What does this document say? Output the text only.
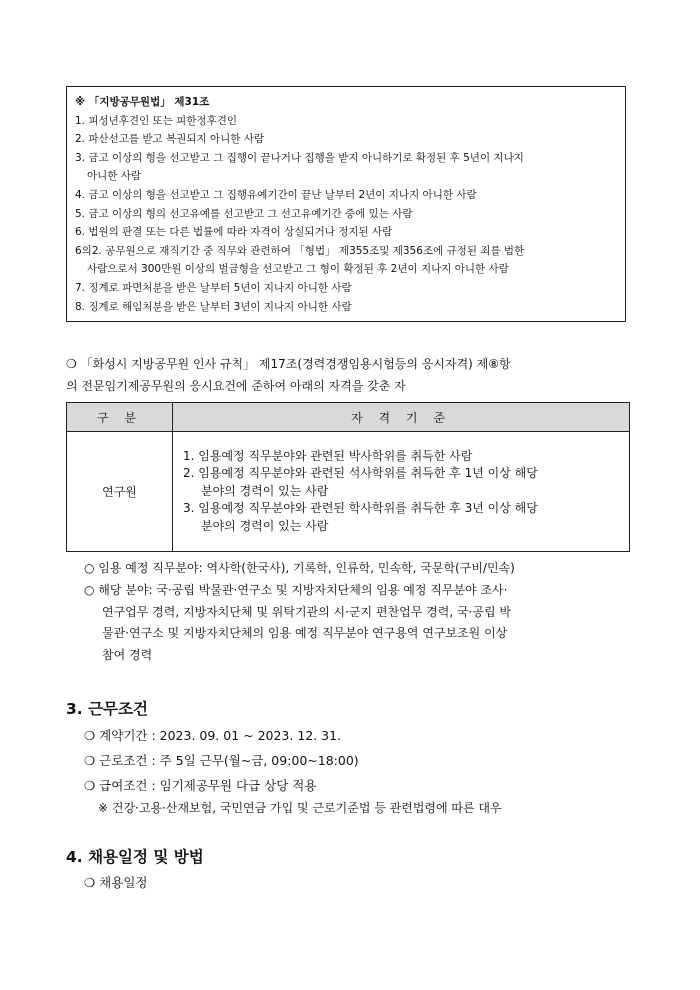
※ 「지방공무원법」 제31조
1. 피성년후견인 또는 피한정후견인
2. 파산선고를 받고 복권되지 아니한 사람
3. 금고 이상의 형을 선고받고 그 집행이 끝나거나 집행을 받지 아니하기로 확정된 후 5년이 지나지
아니한 사람
4. 금고 이상의 형을 선고받고 그 집행유예기간이 끝난 날부터 2년이 지나지 아니한 사람
5. 금고 이상의 형의 선고유예를 선고받고 그 선고유예기간 중에 있는 사람
6. 법원의 판결 또는 다른 법률에 따라 자격이 상실되거나 정지된 사람
6의2. 공무원으로 재직기간 중 직무와 관련하여 「형법」 제355조및 제356조에 규정된 죄를 범한
사람으로서 300만원 이상의 벌금형을 선고받고 그 형이 확정된 후 2년이 지나지 아니한 사람
7. 징계로 파면처분을 받은 날부터 5년이 지나지 아니한 사람
8. 징계로 해임처분을 받은 날부터 3년이 지나지 아니한 사람
❍ 「화성시 지방공무원 인사 규칙」 제17조(경력경쟁임용시험등의 응시자격) 제⑧항
의 전문임기제공무원의 응시요건에 준하여 아래의 자격을 갖춘 자
구 분	자 격 기 준
연구원	1. 임용예정 직무분야와 관련된 박사학위를 취득한 사람
2. 임용예정 직무분야와 관련된 석사학위를 취득한 후 1년 이상 해당
분야의 경력이 있는 사람
3. 임용예정 직무분야와 관련된 학사학위를 취득한 후 3년 이상 해당
분야의 경력이 있는 사람
○ 임용 예정 직무분야: 역사학(한국사), 기록학, 인류학, 민속학, 국문학(구비/민속)
○ 해당 분야: 국·공립 박물관·연구소 및 지방자치단체의 임용 예정 직무분야 조사·
연구업무 경력, 지방자치단체 및 위탁기관의 시·군지 편찬업무 경력, 국·공립 박
물관·연구소 및 지방자치단체의 임용 예정 직무분야 연구용역 연구보조원 이상
참여 경력
3. 근무조건
❍ 계약기간 : 2023. 09. 01 ~ 2023. 12. 31.
❍ 근로조건 : 주 5일 근무(월~금, 09:00~18:00)
❍ 급여조건 : 임기제공무원 다급 상당 적용
※ 건강·고용·산재보험, 국민연금 가입 및 근로기준법 등 관련법령에 따른 대우
4. 채용일정 및 방법
❍ 채용일정
